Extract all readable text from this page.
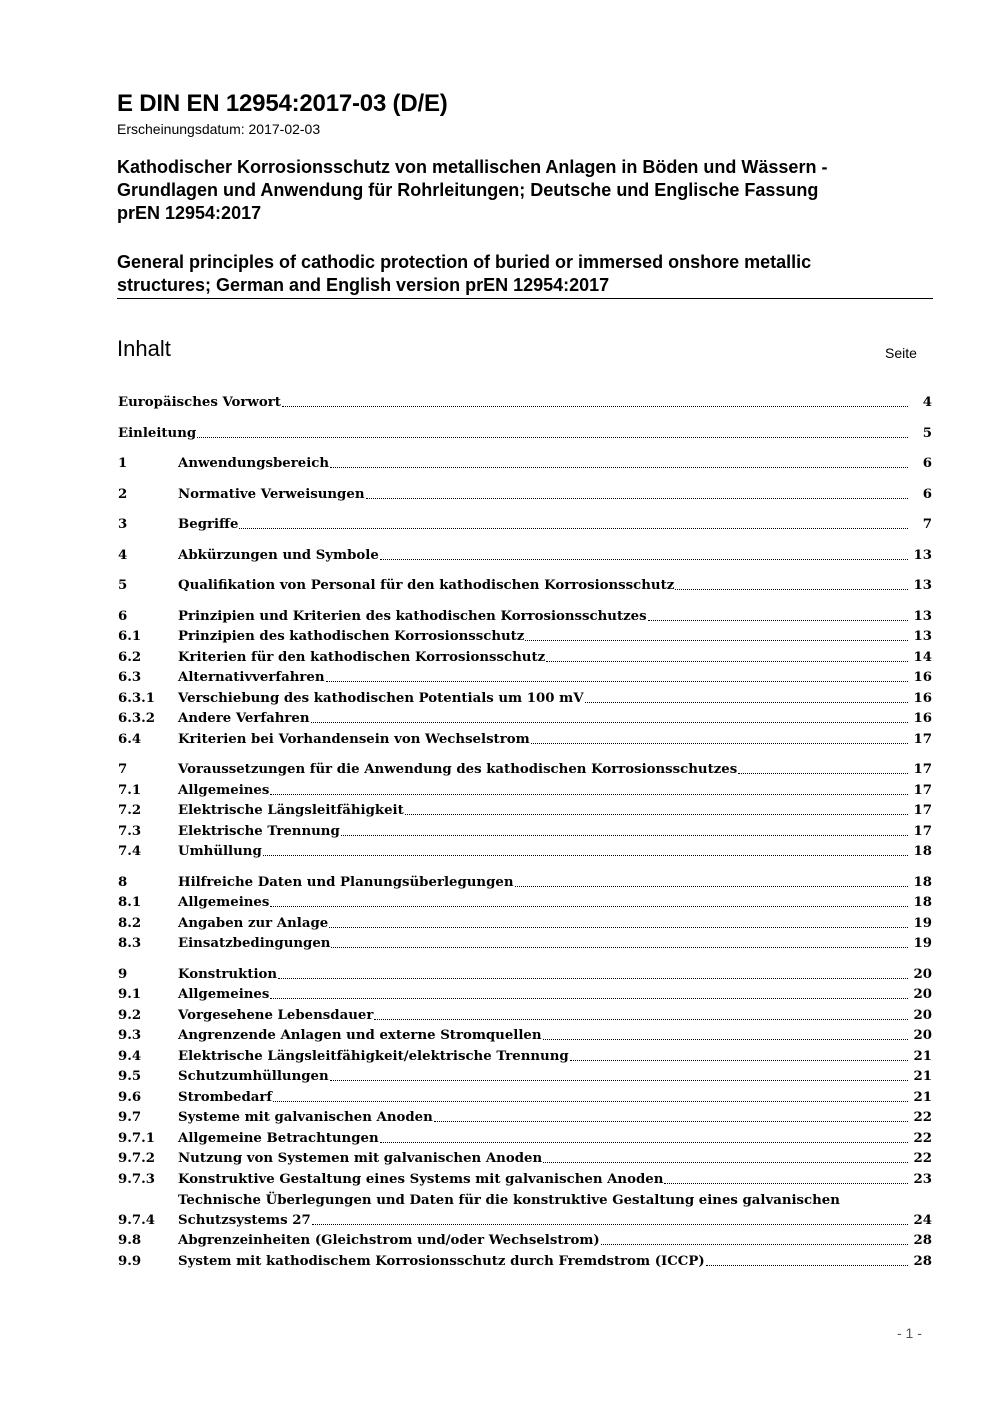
E DIN EN 12954:2017-03 (D/E)
Erscheinungsdatum: 2017-02-03
Kathodischer Korrosionsschutz von metallischen Anlagen in Böden und Wässern -
Grundlagen und Anwendung für Rohrleitungen; Deutsche und Englische Fassung
prEN 12954:2017
General principles of cathodic protection of buried or immersed onshore metallic
structures; German and English version prEN 12954:2017
Inhalt	Seite
Europäisches Vorwort	4
Einleitung	5
1	Anwendungsbereich	6
2	Normative Verweisungen	6
3	Begriffe	7
4	Abkürzungen und Symbole	13
5	Qualifikation von Personal für den kathodischen Korrosionsschutz	13
6	Prinzipien und Kriterien des kathodischen Korrosionsschutzes	13
6.1	Prinzipien des kathodischen Korrosionsschutz	13
6.2	Kriterien für den kathodischen Korrosionsschutz	14
6.3	Alternativverfahren	16
6.3.1 Verschiebung des kathodischen Potentials um 100 mV	16
6.3.2 Andere Verfahren	16
6.4	Kriterien bei Vorhandensein von Wechselstrom	17
7	Voraussetzungen für die Anwendung des kathodischen Korrosionsschutzes	17
7.1	Allgemeines	17
7.2	Elektrische Längsleitfähigkeit	17
7.3	Elektrische Trennung	17
7.4	Umhüllung	18
8	Hilfreiche Daten und Planungsüberlegungen	18
8.1	Allgemeines	18
8.2	Angaben zur Anlage	19
8.3	Einsatzbedingungen	19
9	Konstruktion	20
9.1	Allgemeines	20
9.2	Vorgesehene Lebensdauer	20
9.3	Angrenzende Anlagen und externe Stromquellen	20
9.4	Elektrische Längsleitfähigkeit/elektrische Trennung	21
9.5	Schutzumhüllungen	21
9.6	Strombedarf	21
9.7	Systeme mit galvanischen Anoden	22
9.7.1 Allgemeine Betrachtungen	22
9.7.2 Nutzung von Systemen mit galvanischen Anoden	22
9.7.3 Konstruktive Gestaltung eines Systems mit galvanischen Anoden	23
9.7.4
Technische Überlegungen und Daten für die konstruktive Gestaltung eines galvanischen
Schutzsystems 27	24
9.8	Abgrenzeinheiten (Gleichstrom und/oder Wechselstrom)	28
9.9	System mit kathodischem Korrosionsschutz durch Fremdstrom (ICCP)	28
- 1 -
